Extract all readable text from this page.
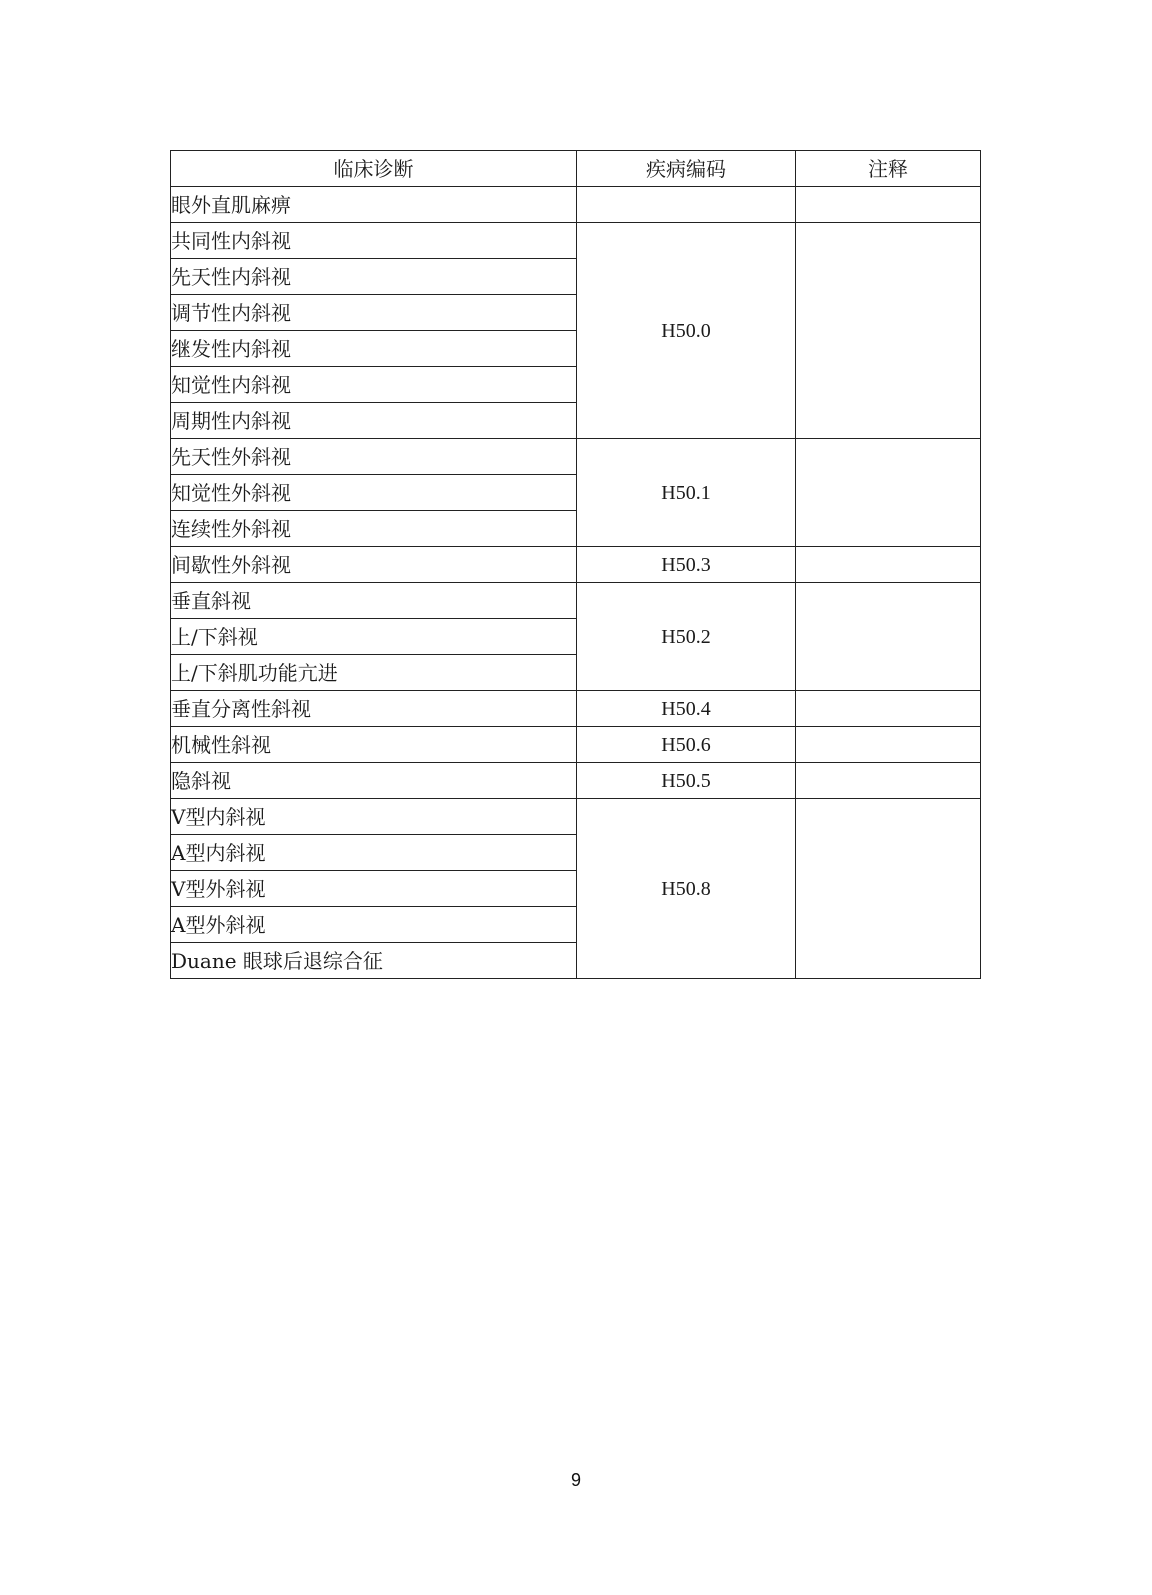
临床诊断	疾病编码	注释
眼外直肌麻痹		
共同性内斜视	H50.0	
先天性内斜视		
调节性内斜视		
继发性内斜视		
知觉性内斜视		
周期性内斜视		
先天性外斜视	H50.1	
知觉性外斜视		
连续性外斜视		
间歇性外斜视	H50.3	
垂直斜视	H50.2	
上/下斜视		
上/下斜肌功能亢进		
垂直分离性斜视	H50.4	
机械性斜视	H50.6	
隐斜视	H50.5	
V型内斜视	H50.8	
A型内斜视		
V型外斜视		
A型外斜视		
Duane 眼球后退综合征		
9
